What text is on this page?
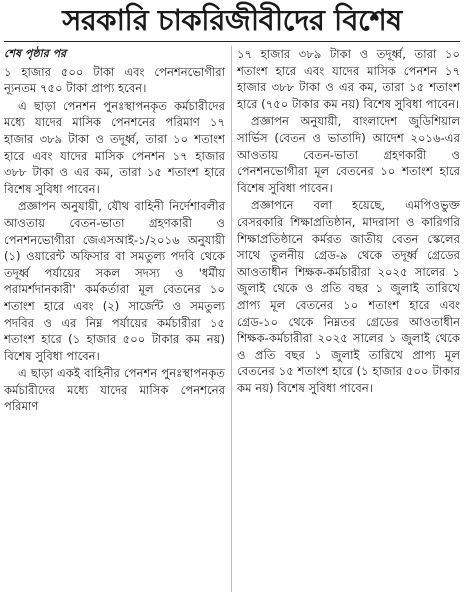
সরকারি চাকরিজীবীদের বিশেষ
শেষ পৃষ্ঠার পর

১ হাজার ৫০০ টাকা এবং পেনশনভোগীরা ন্যূনতম ৭৫০ টাকা প্রাপ্য হবেন।

এ ছাড়া পেনশন পুনঃস্থাপনকৃত কর্মচারীদের মধ্যে যাদের মাসিক পেনশনের পরিমাণ ১৭ হাজার ৩৮৯ টাকা ও তদূর্ধ্ব, তারা ১০ শতাংশ হারে এবং যাদের মাসিক পেনশন ১৭ হাজার ৩৮৮ টাকা ও এর কম, তারা ১৫ শতাংশ হারে বিশেষ সুবিধা পাবেন।

প্রজ্ঞাপন অনুযায়ী, যৌথ বাহিনী নির্দেশাবলীর আওতায় বেতন-ভাতা গ্রহণকারী ও পেনশনভোগীরা জেএসআই-১/২০১৬ অনুযায়ী (১) ওয়ারেন্ট অফিসার বা সমতুল্য পদবি থেকে তদূর্ধ্ব পর্যায়ের সকল সদস্য ও 'ধর্মীয় পরামর্শদানকারী' কর্মকর্তারা মূল বেতনের ১০ শতাংশ হারে এবং (২) সার্জেন্ট ও সমতুল্য পদবির ও এর নিম্ন পর্যায়ের কর্মচারীরা ১৫ শতাংশ হারে (১ হাজার ৫০০ টাকার কম নয়) বিশেষ সুবিধা পাবেন।

এ ছাড়া একই বাহিনীর পেনশন পুনঃস্থাপনকৃত কর্মচারীদের মধ্যে যাদের মাসিক পেনশনের পরিমাণ

১৭ হাজার ৩৮৯ টাকা ও তদূর্ধ্ব, তারা ১০ শতাংশ হারে এবং যাদের মাসিক পেনশন ১৭ হাজার ৩৮৮ টাকা ও এর কম, তারা ১৫ শতাংশ হারে (৭৫০ টাকার কম নয়) বিশেষ সুবিধা পাবেন।

প্রজ্ঞাপন অনুযায়ী, বাংলাদেশ জুডিশিয়াল সার্ভিস (বেতন ও ভাতাদি) আদেশ ২০১৬-এর আওতায় বেতন-ভাতা গ্রহণকারী ও পেনশনভোগীরা মূল বেতনের ১০ শতাংশ হারে বিশেষ সুবিধা পাবেন।

প্রজ্ঞাপনে বলা হয়েছে, এমপিওভুক্ত বেসরকারি শিক্ষাপ্রতিষ্ঠান, মাদরাসা ও কারিগরি শিক্ষাপ্রতিষ্ঠানে কর্মরত জাতীয় বেতন স্কেলের সাথে তুলনীয় গ্রেড-৯ থেকে তদূর্ধ্ব গ্রেডের আওতাধীন শিক্ষক-কর্মচারীরা ২০২৫ সালের ১ জুলাই থেকে ও প্রতি বছর ১ জুলাই তারিখে প্রাপ্য মূল বেতনের ১০ শতাংশ হারে এবং গ্রেড-১০ থেকে নিম্নতর গ্রেডের আওতাধীন শিক্ষক-কর্মচারীরা ২০২৫ সালের ১ জুলাই থেকে ও প্রতি বছর ১ জুলাই তারিখে প্রাপ্য মূল বেতনের ১৫ শতাংশ হারে (১ হাজার ৫০০ টাকার কম নয়) বিশেষ সুবিধা পাবেন।
